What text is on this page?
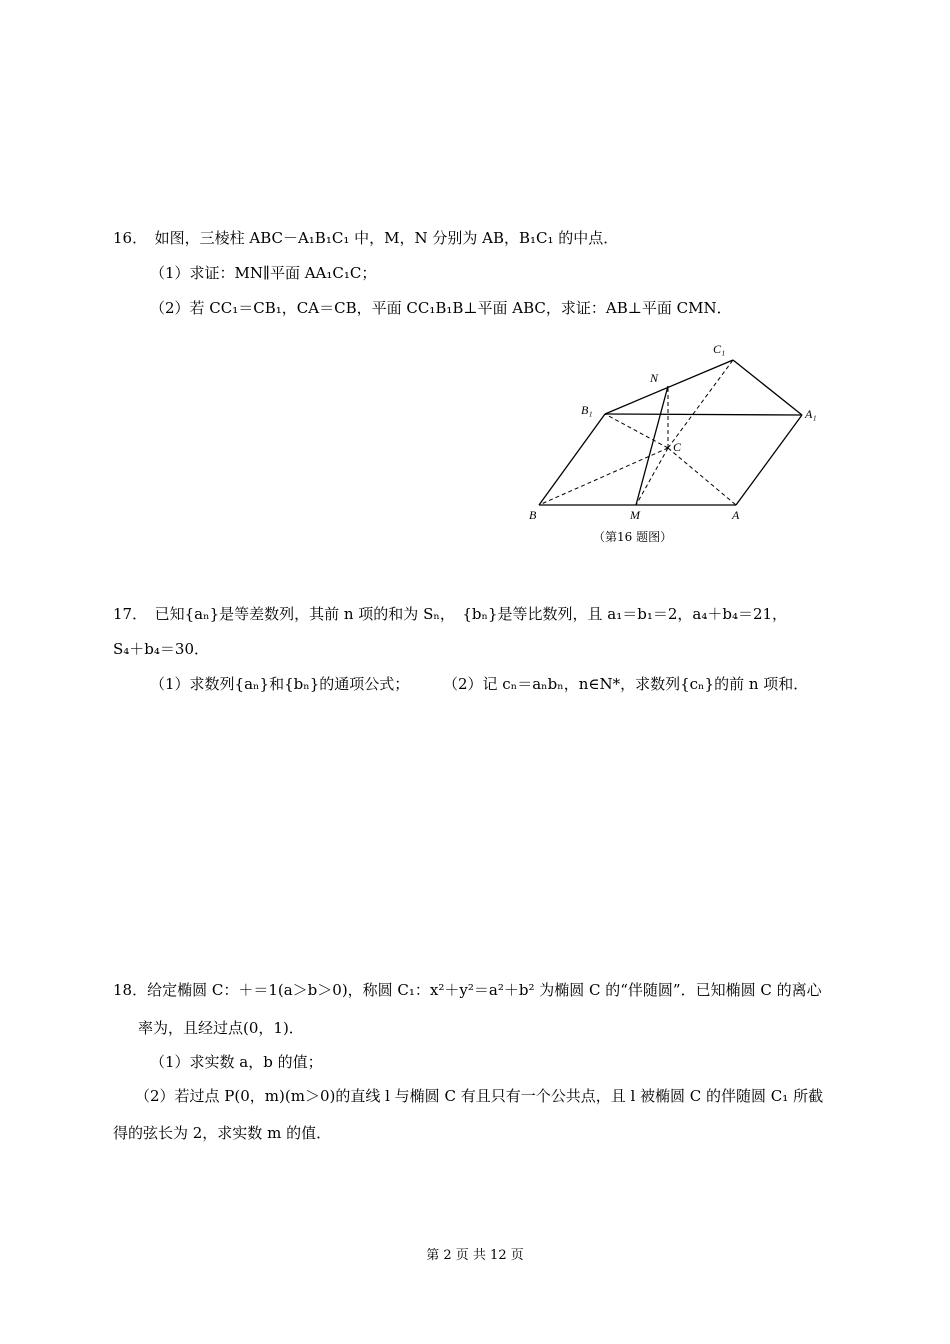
16．　如图，三棱柱 ABC－A₁B₁C₁ 中，M，N 分别为 AB，B₁C₁ 的中点．
（1）求证：MN∥平面 AA₁C₁C；
（2）若 CC₁＝CB₁，CA＝CB，平面 CC₁B₁B⊥平面 ABC，求证：AB⊥平面 CMN．
C₁
N
B₁	A₁
C
B	M	A
（第16 题图）
17．　已知{aₙ}是等差数列，其前 n 项的和为 Sₙ，　{bₙ}是等比数列，且 a₁＝b₁＝2，a₄＋b₄＝21，
S₄＋b₄＝30．
（1）求数列{aₙ}和{bₙ}的通项公式； （2）记 cₙ＝aₙbₙ，n∈N*，求数列{cₙ}的前 n 项和．
18．给定椭圆 C：＋＝1(a＞b＞0)，称圆 C₁：x²＋y²＝a²＋b² 为椭圆 C 的“伴随圆”．已知椭圆 C 的离心
率为，且经过点(0，1)．
（1）求实数 a，b 的值；
（2）若过点 P(0，m)(m＞0)的直线 l 与椭圆 C 有且只有一个公共点，且 l 被椭圆 C 的伴随圆 C₁ 所截
得的弦长为 2，求实数 m 的值．
第 2 页 共 12 页
